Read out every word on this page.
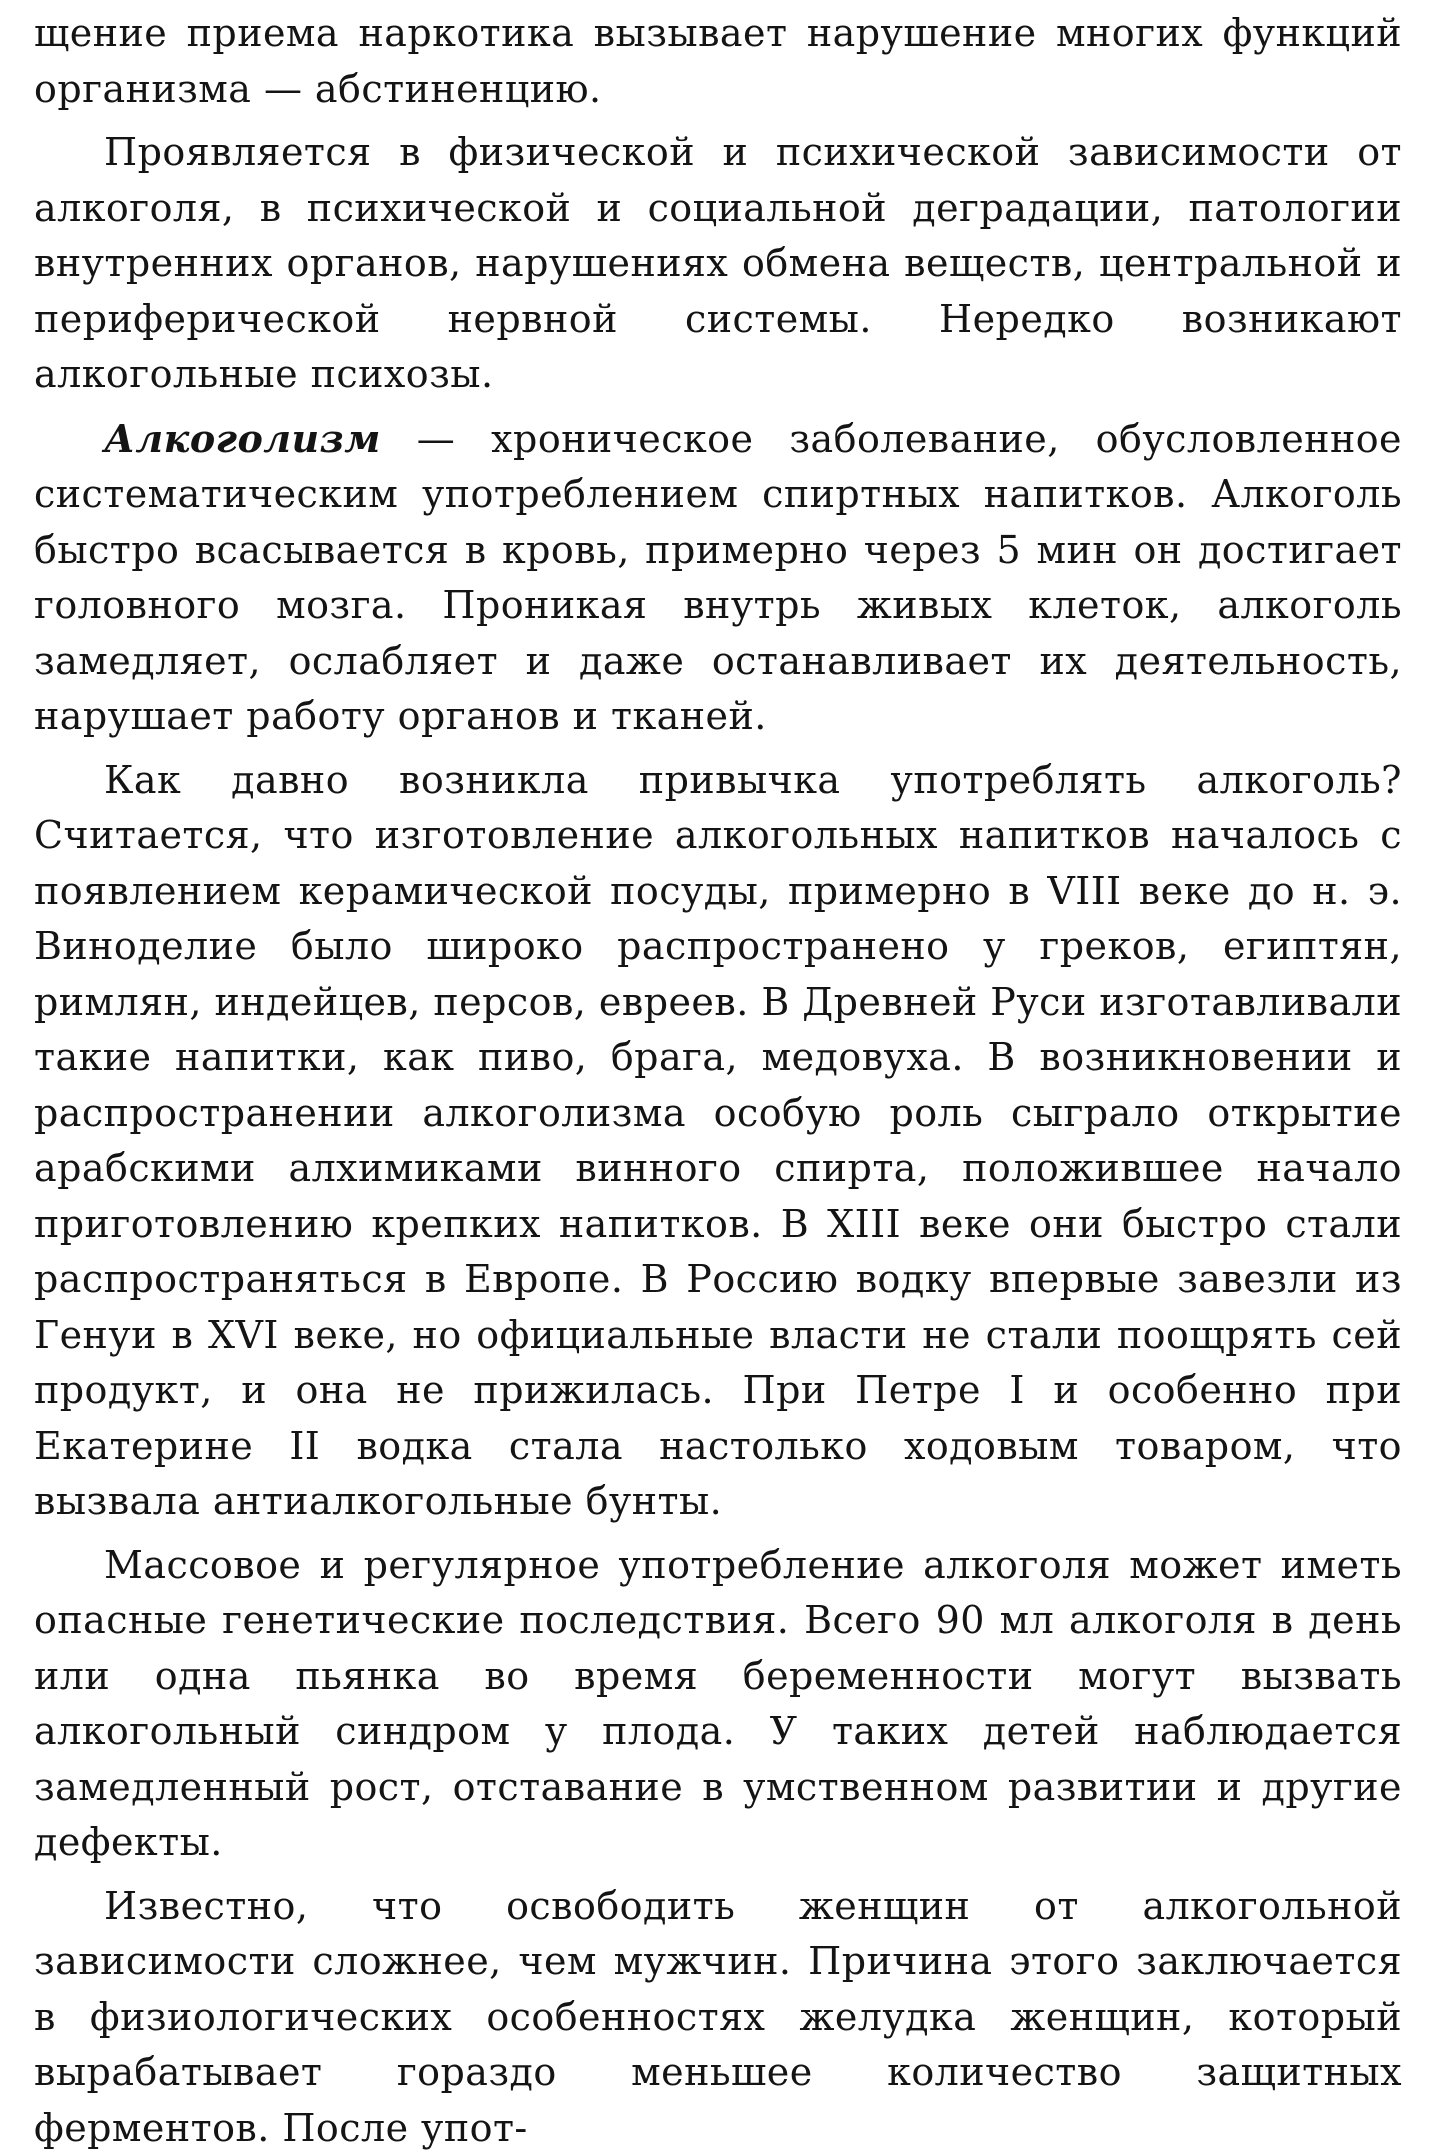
щение приема наркотика вызывает нарушение многих функций организма — абстиненцию.

Проявляется в физической и психической зависимости от алкоголя, в психической и социальной деградации, патологии внутренних органов, нарушениях обмена веществ, центральной и периферической нервной системы. Нередко возникают алкогольные психозы.

Алкоголизм — хроническое заболевание, обусловленное систематическим употреблением спиртных напитков. Алкоголь быстро всасывается в кровь, примерно через 5 мин он достигает головного мозга. Проникая внутрь живых клеток, алкоголь замедляет, ослабляет и даже останавливает их деятельность, нарушает работу органов и тканей.

Как давно возникла привычка употреблять алкоголь? Считается, что изготовление алкогольных напитков началось с появлением керамической посуды, примерно в VIII веке до н. э. Виноделие было широко распространено у греков, египтян, римлян, индейцев, персов, евреев. В Древней Руси изготавливали такие напитки, как пиво, брага, медовуха. В возникновении и распространении алкоголизма особую роль сыграло открытие арабскими алхимиками винного спирта, положившее начало приготовлению крепких напитков. В XIII веке они быстро стали распространяться в Европе. В Россию водку впервые завезли из Генуи в XVI веке, но официальные власти не стали поощрять сей продукт, и она не прижилась. При Петре I и особенно при Екатерине II водка стала настолько ходовым товаром, что вызвала антиалкогольные бунты.

Массовое и регулярное употребление алкоголя может иметь опасные генетические последствия. Всего 90 мл алкоголя в день или одна пьянка во время беременности могут вызвать алкогольный синдром у плода. У таких детей наблюдается замедленный рост, отставание в умственном развитии и другие дефекты.

Известно, что освободить женщин от алкогольной зависимости сложнее, чем мужчин. Причина этого заключается в физиологических особенностях желудка женщин, который вырабатывает гораздо меньшее количество защитных ферментов. После упот-
